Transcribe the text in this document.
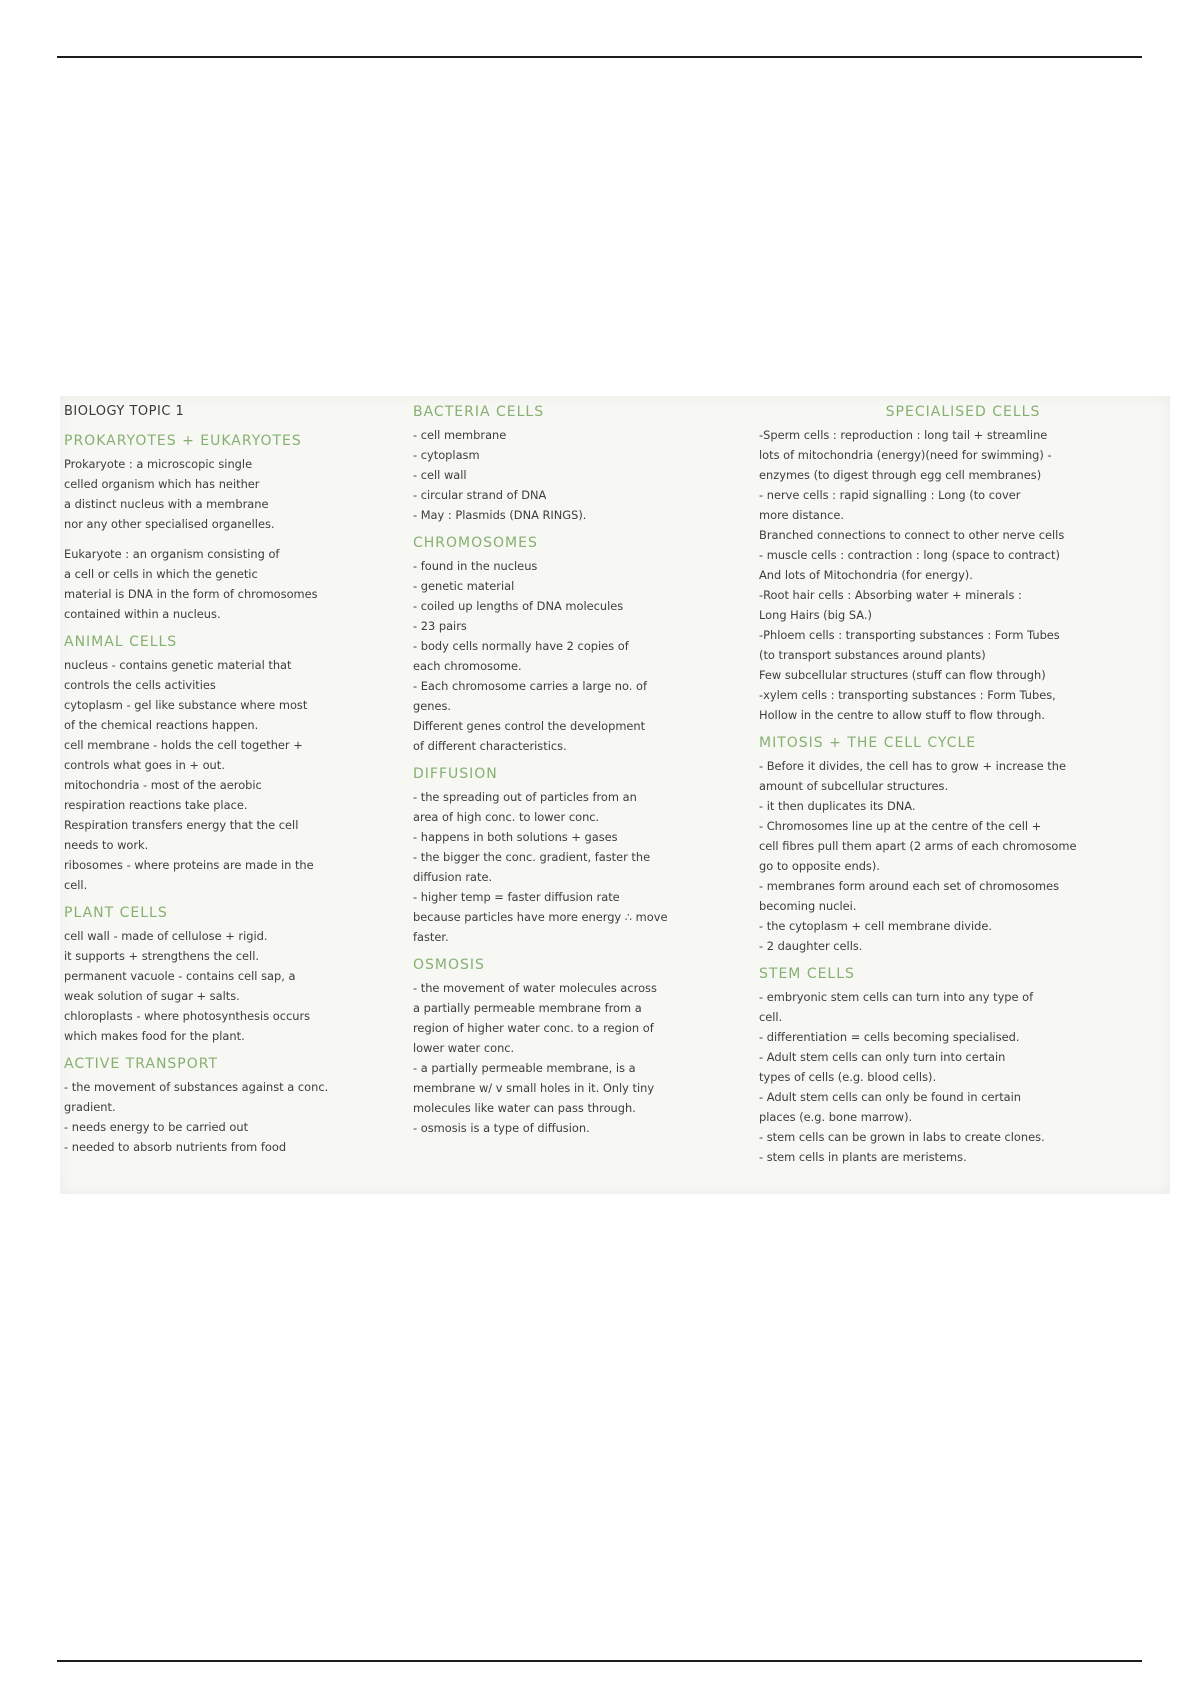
BIOLOGY TOPIC 1
PROKARYOTES + EUKARYOTES
Prokaryote : a microscopic single
celled organism which has neither
a distinct nucleus with a membrane
nor any other specialised organelles.
Eukaryote : an organism consisting of
a cell or cells in which the genetic
material is DNA in the form of chromosomes
contained within a nucleus.
ANIMAL CELLS
nucleus - contains genetic material that
controls the cells activities
cytoplasm - gel like substance where most
of the chemical reactions happen.
cell membrane - holds the cell together +
controls what goes in + out.
mitochondria - most of the aerobic
respiration reactions take place.
Respiration transfers energy that the cell
needs to work.
ribosomes - where proteins are made in the
cell.
PLANT CELLS
cell wall - made of cellulose + rigid.
it supports + strengthens the cell.
permanent vacuole - contains cell sap, a
weak solution of sugar + salts.
chloroplasts - where photosynthesis occurs
which makes food for the plant.
ACTIVE TRANSPORT
- the movement of substances against a conc.
gradient.
- needs energy to be carried out
- needed to absorb nutrients from food
BACTERIA CELLS
- cell membrane
- cytoplasm
- cell wall
- circular strand of DNA
- May : Plasmids (DNA RINGS).
CHROMOSOMES
- found in the nucleus
- genetic material
- coiled up lengths of DNA molecules
- 23 pairs
- body cells normally have 2 copies of
each chromosome.
- Each chromosome carries a large no. of
genes.
Different genes control the development
of different characteristics.
DIFFUSION
- the spreading out of particles from an
area of high conc. to lower conc.
- happens in both solutions + gases
- the bigger the conc. gradient, faster the
diffusion rate.
- higher temp = faster diffusion rate
because particles have more energy ∴ move
faster.
OSMOSIS
- the movement of water molecules across
a partially permeable membrane from a
region of higher water conc. to a region of
lower water conc.
- a partially permeable membrane, is a
membrane w/ v small holes in it. Only tiny
molecules like water can pass through.
- osmosis is a type of diffusion.
SPECIALISED CELLS
-Sperm cells : reproduction : long tail + streamline
lots of mitochondria (energy)(need for swimming) -
enzymes (to digest through egg cell membranes)
- nerve cells : rapid signalling : Long (to cover
more distance.
Branched connections to connect to other nerve cells
- muscle cells : contraction : long (space to contract)
And lots of Mitochondria (for energy).
-Root hair cells : Absorbing water + minerals :
Long Hairs (big SA.)
-Phloem cells : transporting substances : Form Tubes
(to transport substances around plants)
Few subcellular structures (stuff can flow through)
-xylem cells : transporting substances : Form Tubes,
Hollow in the centre to allow stuff to flow through.
MITOSIS + THE CELL CYCLE
- Before it divides, the cell has to grow + increase the
amount of subcellular structures.
- it then duplicates its DNA.
- Chromosomes line up at the centre of the cell +
cell fibres pull them apart (2 arms of each chromosome
go to opposite ends).
- membranes form around each set of chromosomes
becoming nuclei.
- the cytoplasm + cell membrane divide.
- 2 daughter cells.
STEM CELLS
- embryonic stem cells can turn into any type of
cell.
- differentiation = cells becoming specialised.
- Adult stem cells can only turn into certain
types of cells (e.g. blood cells).
- Adult stem cells can only be found in certain
places (e.g. bone marrow).
- stem cells can be grown in labs to create clones.
- stem cells in plants are meristems.
